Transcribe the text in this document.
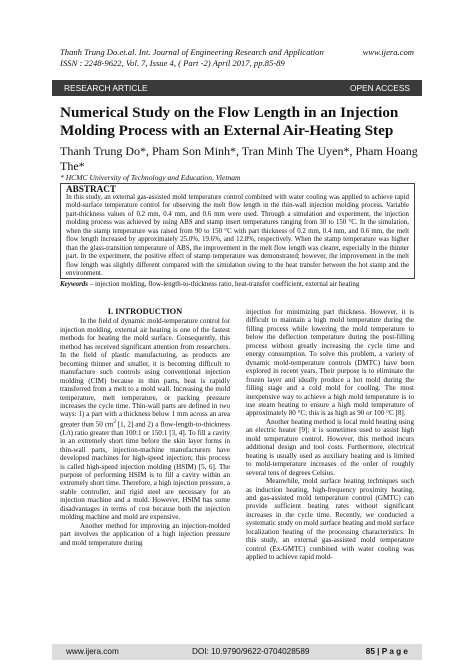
Thanh Trung Do.et.al. Int. Journal of Engineering Research and Application	www.ijera.com
ISSN : 2248-9622, Vol. 7, Issue 4, ( Part -2) April 2017, pp.85-89
RESEARCH ARTICLE	OPEN ACCESS
Numerical Study on the Flow Length in an Injection Molding Process with an External Air-Heating Step
Thanh Trung Do*, Pham Son Minh*, Tran Minh The Uyen*, Pham Hoang The*
* HCMC University of Technology and Education, Vietnam
ABSTRACT

In this study, an external gas-assisted mold temperature control combined with water cooling was applied to achieve rapid mold-surface temperature control for observing the melt flow length in the thin-wall injection molding process. Variable part-thickness values of 0.2 mm, 0.4 mm, and 0.6 mm were used. Through a simulation and experiment, the injection molding process was achieved by using ABS and stamp insert temperatures ranging from 30 to 150 °C. In the simulation, when the stamp temperature was raised from 90 to 150 °C with part thickness of 0.2 mm, 0.4 mm, and 0.6 mm, the melt flow length increased by approximately 25.0%, 19.6%, and 12.8%, respectively. When the stamp temperature was higher than the glass-transition temperature of ABS, the improvement in the melt flow length was clearer, especially in the thinner part. In the experiment, the positive effect of stamp temperature was demonstrated; however, the improvement in the melt flow length was slightly different compared with the simulation owing to the heat transfer between the hot stamp and the environment.

Keywords – injection molding, flow-length-to-thickness ratio, heat-transfer coefficient, external air heating
I. INTRODUCTION

In the field of dynamic mold-temperature control for injection molding, external air heating is one of the fastest methods for heating the mold surface. Consequently, this method has received significant attention from researchers. In the field of plastic manufacturing, as products are becoming thinner and smaller, it is becoming difficult to manufacture such controls using conventional injection molding (CIM) because in thin parts, heat is rapidly transferred from a melt to a mold wall. Increasing the mold temperature, melt temperature, or packing pressure increases the cycle time. Thin-wall parts are defined in two ways: 1) a part with a thickness below 1 mm across an area greater than 50 $cm^2$ [1, 2] and 2) a flow-length-to-thickness (L/t) ratio greater than 100:1 or 150:1 [3, 4]. To fill a cavity in an extremely short time before the skin layer forms in thin-wall parts, injection-machine manufacturers have developed machines for high-speed injection; this process is called high-speed injection molding (HSIM) [5, 6]. The purpose of performing HSIM is to fill a cavity within an extremely short time. Therefore, a high injection pressure, a stable controller, and rigid steel are necessary for an injection machine and a mold. However, HSIM has some disadvantages in terms of cost because both the injection molding machine and mold are expensive.

Another method for improving an injection-molded part involves the application of a high injection pressure and mold temperature during

injection for minimizing part thickness. However, it is difficult to maintain a high mold temperature during the filling process while lowering the mold temperature to below the deflection temperature during the post-filling process without greatly increasing the cycle time and energy consumption. To solve this problem, a variety of dynamic mold-temperature controls (DMTC) have been explored in recent years. Their purpose is to eliminate the frozen layer and ideally produce a hot mold during the filling stage and a cold mold for cooling. The most inexpensive way to achieve a high mold temperature is to use steam heating to ensure a high mold temperature of approximately 80 °C; this is as high as 90 or 100 °C [8].

Another heating method is local mold heating using an electric heater [9]; it is sometimes used to assist high mold temperature control. However, this method incurs additional design and tool costs. Furthermore, electrical heating is usually used as auxiliary heating and is limited to mold-temperature increases of the order of roughly several tens of degrees Celsius.

Meanwhile, mold surface heating techniques such as induction heating, high-frequency proximity heating, and gas-assisted mold temperature control (GMTC) can provide sufficient heating rates without significant increases in the cycle time. Recently, we conducted a systematic study on mold surface heating and mold surface localization heating of the processing characteristics. In this study, an external gas-assisted mold temperature control (Ex-GMTC) combined with water cooling was applied to achieve rapid mold-

www.ijera.com	DOI: 10.9790/9622-0704028589	85 | P a g e
